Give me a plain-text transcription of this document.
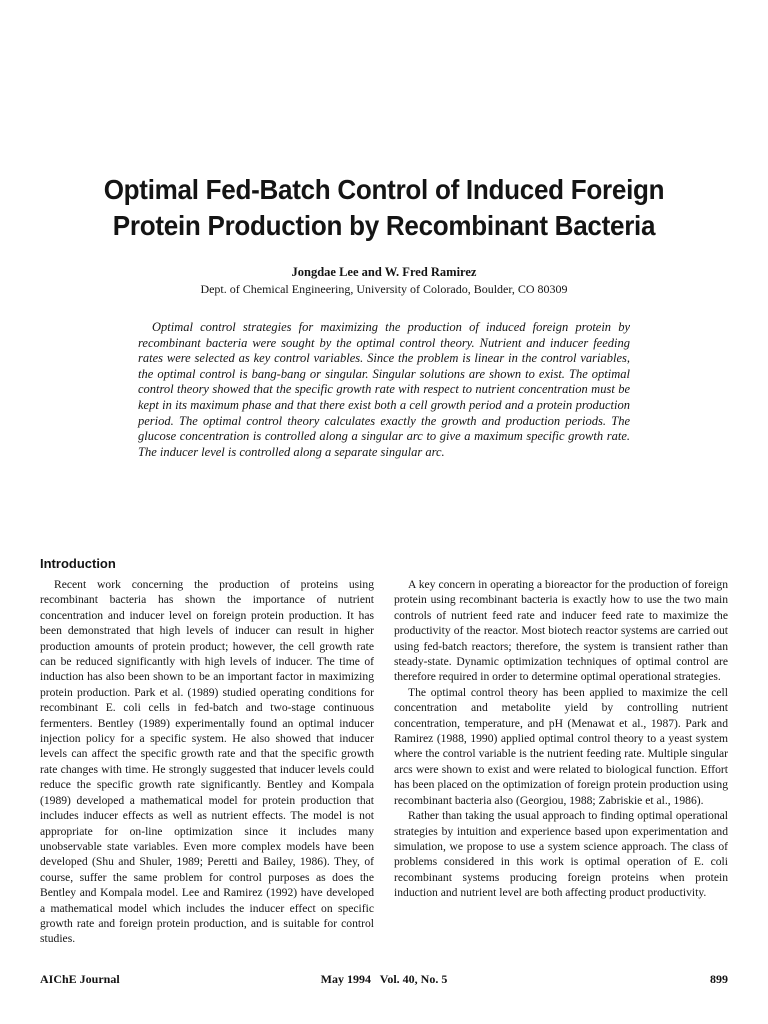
Optimal Fed-Batch Control of Induced Foreign
Protein Production by Recombinant Bacteria
Jongdae Lee and W. Fred Ramirez
Dept. of Chemical Engineering, University of Colorado, Boulder, CO 80309

Optimal control strategies for maximizing the production of induced foreign protein by recombinant bacteria were sought by the optimal control theory. Nutrient and inducer feeding rates were selected as key control variables. Since the problem is linear in the control variables, the optimal control is bang-bang or singular. Singular solutions are shown to exist. The optimal control theory showed that the specific growth rate with respect to nutrient concentration must be kept in its maximum phase and that there exist both a cell growth period and a protein production period. The optimal control theory calculates exactly the growth and production periods. The glucose concentration is controlled along a singular arc to give a maximum specific growth rate. The inducer level is controlled along a separate singular arc.

Introduction

Recent work concerning the production of proteins using recombinant bacteria has shown the importance of nutrient concentration and inducer level on foreign protein production. It has been demonstrated that high levels of inducer can result in higher production amounts of protein product; however, the cell growth rate can be reduced significantly with high levels of inducer. The time of induction has also been shown to be an important factor in maximizing protein production. Park et al. (1989) studied operating conditions for recombinant E. coli cells in fed-batch and two-stage continuous fermenters. Bentley (1989) experimentally found an optimal inducer injection policy for a specific system. He also showed that inducer levels can affect the specific growth rate and that the specific growth rate changes with time. He strongly suggested that inducer levels could reduce the specific growth rate significantly. Bentley and Kompala (1989) developed a mathematical model for protein production that includes inducer effects as well as nutrient effects. The model is not appropriate for on-line optimization since it includes many unobservable state variables. Even more complex models have been developed (Shu and Shuler, 1989; Peretti and Bailey, 1986). They, of course, suffer the same problem for control purposes as does the Bentley and Kompala model. Lee and Ramirez (1992) have developed a mathematical model which includes the inducer effect on specific growth rate and foreign protein production, and is suitable for control studies.

A key concern in operating a bioreactor for the production of foreign protein using recombinant bacteria is exactly how to use the two main controls of nutrient feed rate and inducer feed rate to maximize the productivity of the reactor. Most biotech reactor systems are carried out using fed-batch reactors; therefore, the system is transient rather than steady-state. Dynamic optimization techniques of optimal control are therefore required in order to determine optimal operational strategies.

The optimal control theory has been applied to maximize the cell concentration and metabolite yield by controlling nutrient concentration, temperature, and pH (Menawat et al., 1987). Park and Ramirez (1988, 1990) applied optimal control theory to a yeast system where the control variable is the nutrient feeding rate. Multiple singular arcs were shown to exist and were related to biological function. Effort has been placed on the optimization of foreign protein production using recombinant bacteria also (Georgiou, 1988; Zabriskie et al., 1986).

Rather than taking the usual approach to finding optimal operational strategies by intuition and experience based upon experimentation and simulation, we propose to use a system science approach. The class of problems considered in this work is optimal operation of E. coli recombinant systems producing foreign proteins when protein induction and nutrient level are both affecting product productivity.

AIChE Journal	May 1994   Vol. 40, No. 5	899
